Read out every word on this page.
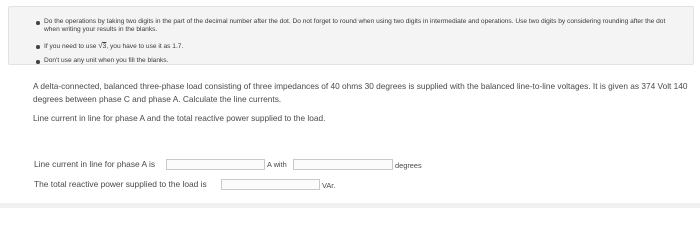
Do the operations by taking two digits in the part of the decimal number after the dot. Do not forget to round when using two digits in intermediate and operations. Use two digits by considering rounding after the dot when writing your results in the blanks.
If you need to use √3, you have to use it as 1.7.
Don't use any unit when you fill the blanks.

A delta-connected, balanced three-phase load consisting of three impedances of 40 ohms 30 degrees is supplied with the balanced line-to-line voltages. It is given as 374 Volt 140 degrees between phase C and phase A. Calculate the line currents.

Line current in line for phase A and the total reactive power supplied to the load.

Line current in line for phase A is	A with	degrees
The total reactive power supplied to the load is	VAr.
